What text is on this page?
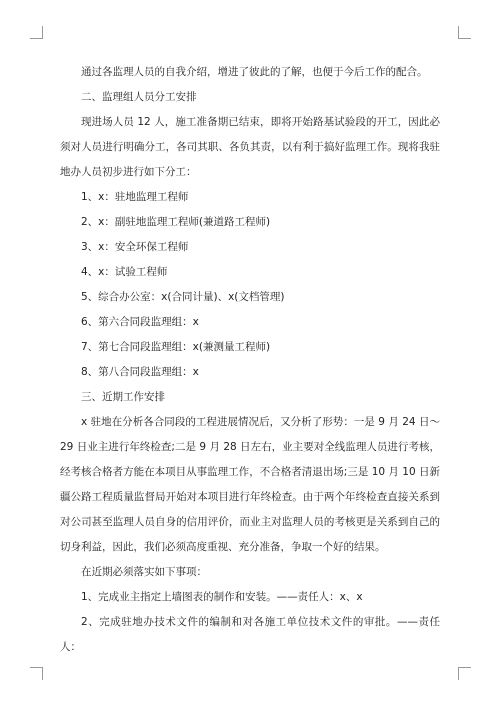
通过各监理人员的自我介绍，增进了彼此的了解，也便于今后工作的配合。

二、监理组人员分工安排

现进场人员 12 人，施工准备期已结束，即将开始路基试验段的开工，因此必须对人员进行明确分工，各司其职、各负其责，以有利于搞好监理工作。现将我驻地办人员初步进行如下分工：

1、x：驻地监理工程师

2、x：副驻地监理工程师(兼道路工程师)

3、x：安全环保工程师

4、x：试验工程师

5、综合办公室：x(合同计量)、x(文档管理)

6、第六合同段监理组：x

7、第七合同段监理组：x(兼测量工程师)

8、第八合同段监理组：x

三、近期工作安排

x 驻地在分析各合同段的工程进展情况后，又分析了形势：一是 9 月 24 日～29 日业主进行年终检查;二是 9 月 28 日左右，业主要对全线监理人员进行考核，经考核合格者方能在本项目从事监理工作，不合格者清退出场;三是 10 月 10 日新疆公路工程质量监督局开始对本项目进行年终检查。由于两个年终检查直接关系到对公司甚至监理人员自身的信用评价，而业主对监理人员的考核更是关系到自己的切身利益，因此，我们必须高度重视、充分准备，争取一个好的结果。

在近期必须落实如下事项：

1、完成业主指定上墙图表的制作和安装。——责任人：x、x

2、完成驻地办技术文件的编制和对各施工单位技术文件的审批。——责任人：
